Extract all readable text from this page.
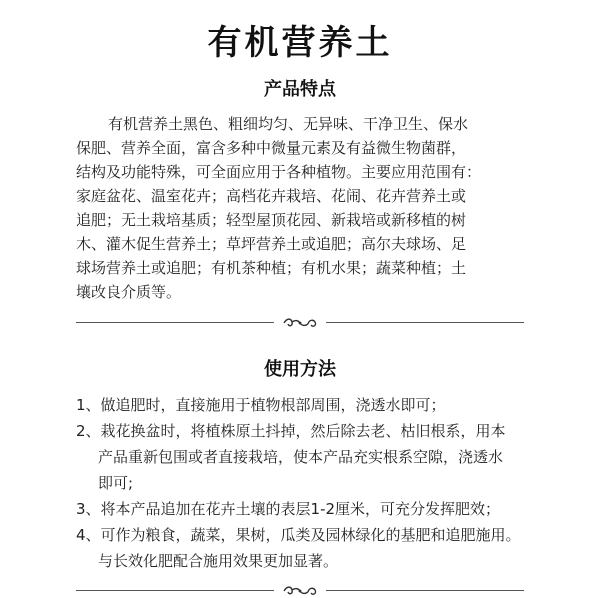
有机营养土
产品特点
有机营养土黑色、粗细均匀、无异味、干净卫生、保水
保肥、营养全面，富含多种中微量元素及有益微生物菌群，
结构及功能特殊，可全面应用于各种植物。主要应用范围有：
家庭盆花、温室花卉；高档花卉栽培、花闹、花卉营养土或
追肥；无土栽培基质；轻型屋顶花园、新栽培或新移植的树
木、灌木促生营养土；草坪营养土或追肥；高尔夫球场、足
球场营养土或追肥；有机茶种植；有机水果；蔬菜种植；土
壤改良介质等。
使用方法
1、做追肥时，直接施用于植物根部周围，浇透水即可；
2、栽花换盆时，将植株原土抖掉，然后除去老、枯旧根系，用本
产品重新包围或者直接栽培，使本产品充实根系空隙，浇透水
即可;
3、将本产品追加在花卉土壤的表层1-2厘米，可充分发挥肥效；
4、可作为粮食，蔬菜，果树，瓜类及园林绿化的基肥和追肥施用。
与长效化肥配合施用效果更加显著。
